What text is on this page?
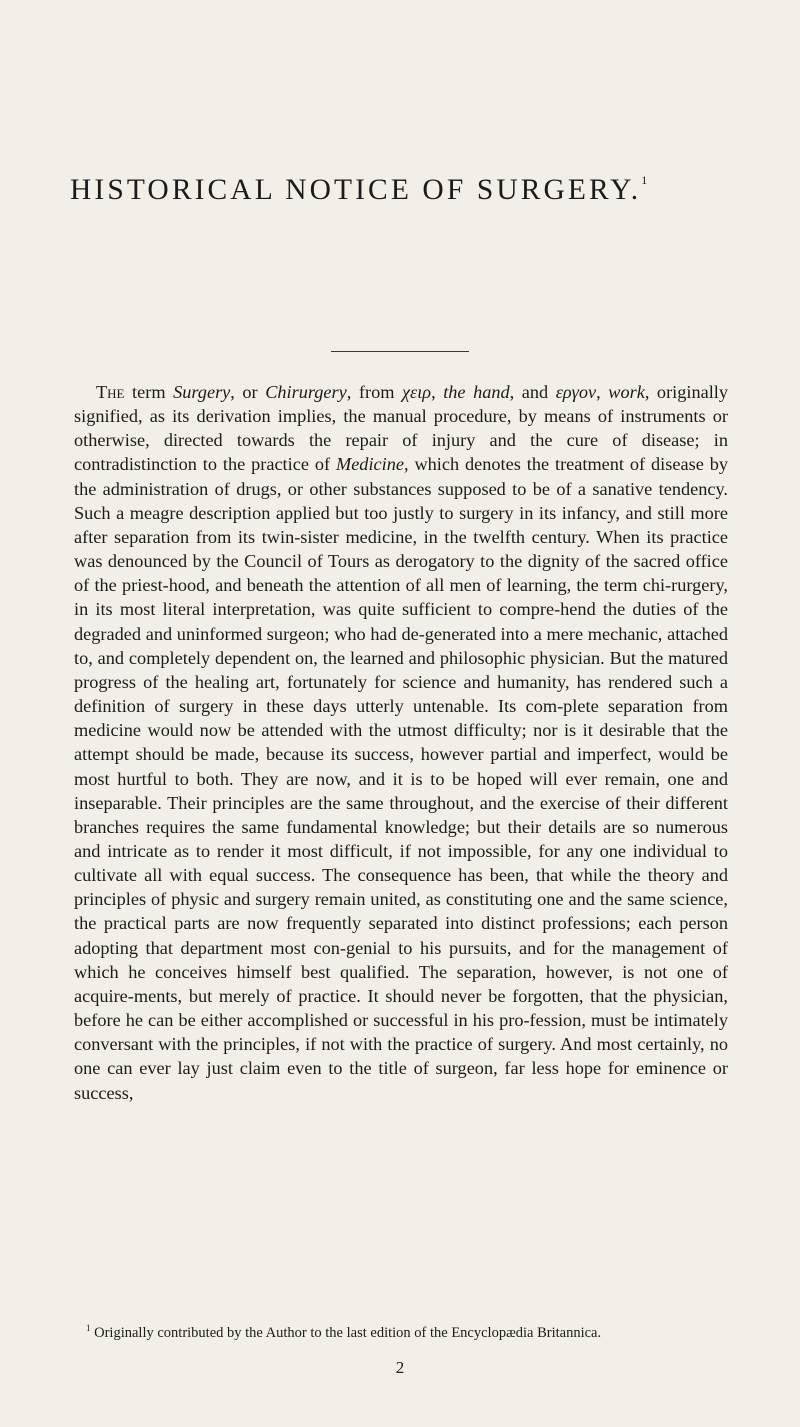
HISTORICAL NOTICE OF SURGERY.$^1$

The term Surgery, or Chirurgery, from χειρ, the hand, and εργον, work, originally signified, as its derivation implies, the manual procedure, by means of instruments or otherwise, directed towards the repair of injury and the cure of disease; in contradistinction to the practice of Medicine, which denotes the treatment of disease by the administration of drugs, or other substances supposed to be of a sanative tendency. Such a meagre description applied but too justly to surgery in its infancy, and still more after separation from its twin-sister medicine, in the twelfth century. When its practice was denounced by the Council of Tours as derogatory to the dignity of the sacred office of the priest-hood, and beneath the attention of all men of learning, the term chi-rurgery, in its most literal interpretation, was quite sufficient to compre-hend the duties of the degraded and uninformed surgeon; who had de-generated into a mere mechanic, attached to, and completely dependent on, the learned and philosophic physician. But the matured progress of the healing art, fortunately for science and humanity, has rendered such a definition of surgery in these days utterly untenable. Its com-plete separation from medicine would now be attended with the utmost difficulty; nor is it desirable that the attempt should be made, because its success, however partial and imperfect, would be most hurtful to both. They are now, and it is to be hoped will ever remain, one and inseparable. Their principles are the same throughout, and the exercise of their different branches requires the same fundamental knowledge; but their details are so numerous and intricate as to render it most difficult, if not impossible, for any one individual to cultivate all with equal success. The consequence has been, that while the theory and principles of physic and surgery remain united, as constituting one and the same science, the practical parts are now frequently separated into distinct professions; each person adopting that department most con-genial to his pursuits, and for the management of which he conceives himself best qualified. The separation, however, is not one of acquire-ments, but merely of practice. It should never be forgotten, that the physician, before he can be either accomplished or successful in his pro-fession, must be intimately conversant with the principles, if not with the practice of surgery. And most certainly, no one can ever lay just claim even to the title of surgeon, far less hope for eminence or success,

$^1$ Originally contributed by the Author to the last edition of the Encyclopædia Britannica.

2
